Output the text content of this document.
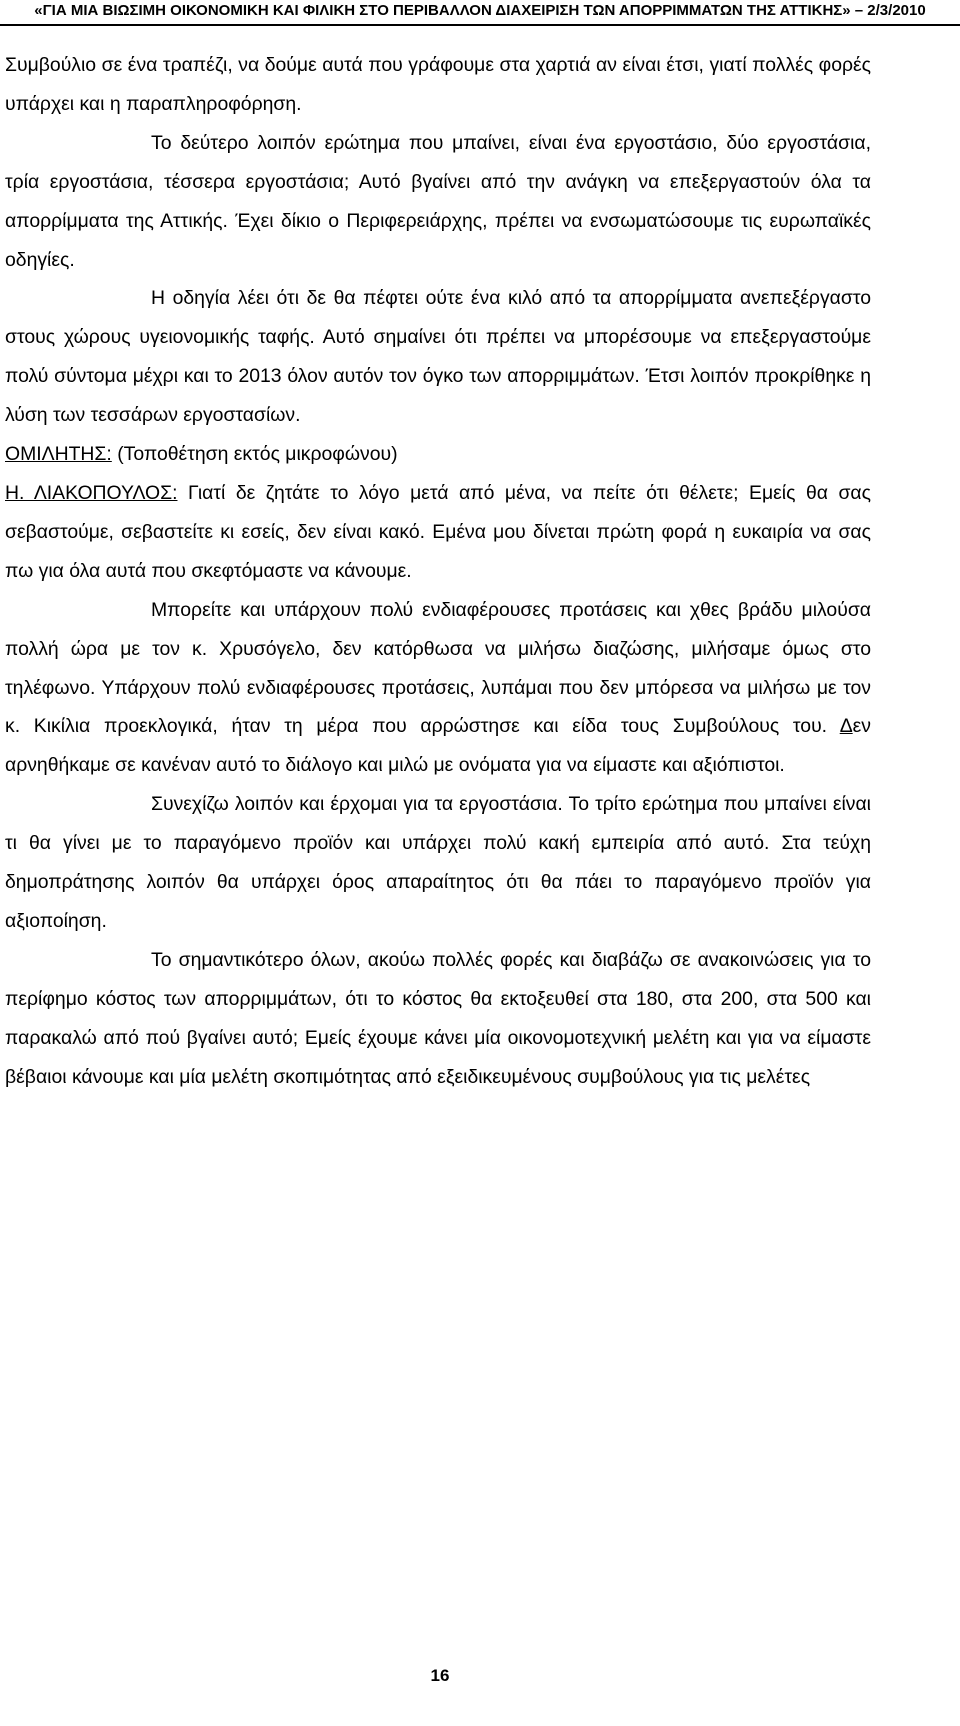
«ΓΙΑ ΜΙΑ ΒΙΩΣΙΜΗ ΟΙΚΟΝΟΜΙΚΗ ΚΑΙ ΦΙΛΙΚΗ ΣΤΟ ΠΕΡΙΒΑΛΛΟΝ ΔΙΑΧΕΙΡΙΣΗ ΤΩΝ ΑΠΟΡΡΙΜΜΑΤΩΝ ΤΗΣ ΑΤΤΙΚΗΣ» – 2/3/2010

Συμβούλιο σε ένα τραπέζι, να δούμε αυτά που γράφουμε στα χαρτιά αν είναι έτσι, γιατί πολλές φορές υπάρχει και η παραπληροφόρηση.

Το δεύτερο λοιπόν ερώτημα που μπαίνει, είναι ένα εργοστάσιο, δύο εργοστάσια, τρία εργοστάσια, τέσσερα εργοστάσια; Αυτό βγαίνει από την ανάγκη να επεξεργαστούν όλα τα απορρίμματα της Αττικής. Έχει δίκιο ο Περιφερειάρχης, πρέπει να ενσωματώσουμε τις ευρωπαϊκές οδηγίες.

Η οδηγία λέει ότι δε θα πέφτει ούτε ένα κιλό από τα απορρίμματα ανεπεξέργαστο στους χώρους υγειονομικής ταφής. Αυτό σημαίνει ότι πρέπει να μπορέσουμε να επεξεργαστούμε πολύ σύντομα μέχρι και το 2013 όλον αυτόν τον όγκο των απορριμμάτων. Έτσι λοιπόν προκρίθηκε η λύση των τεσσάρων εργοστασίων.

ΟΜΙΛΗΤΗΣ: (Τοποθέτηση εκτός μικροφώνου)

Η. ΛΙΑΚΟΠΟΥΛΟΣ: Γιατί δε ζητάτε το λόγο μετά από μένα, να πείτε ότι θέλετε; Εμείς θα σας σεβαστούμε, σεβαστείτε κι εσείς, δεν είναι κακό. Εμένα μου δίνεται πρώτη φορά η ευκαιρία να σας πω για όλα αυτά που σκεφτόμαστε να κάνουμε.

Μπορείτε και υπάρχουν πολύ ενδιαφέρουσες προτάσεις και χθες βράδυ μιλούσα πολλή ώρα με τον κ. Χρυσόγελο, δεν κατόρθωσα να μιλήσω διαζώσης, μιλήσαμε όμως στο τηλέφωνο. Υπάρχουν πολύ ενδιαφέρουσες προτάσεις, λυπάμαι που δεν μπόρεσα να μιλήσω με τον κ. Κικίλια προεκλογικά, ήταν τη μέρα που αρρώστησε και είδα τους Συμβούλους του. Δεν αρνηθήκαμε σε κανέναν αυτό το διάλογο και μιλώ με ονόματα για να είμαστε και αξιόπιστοι.

Συνεχίζω λοιπόν και έρχομαι για τα εργοστάσια. Το τρίτο ερώτημα που μπαίνει είναι τι θα γίνει με το παραγόμενο προϊόν και υπάρχει πολύ κακή εμπειρία από αυτό. Στα τεύχη δημοπράτησης λοιπόν θα υπάρχει όρος απαραίτητος ότι θα πάει το παραγόμενο προϊόν για αξιοποίηση.

Το σημαντικότερο όλων, ακούω πολλές φορές και διαβάζω σε ανακοινώσεις για το περίφημο κόστος των απορριμμάτων, ότι το κόστος θα εκτοξευθεί στα 180, στα 200, στα 500 και παρακαλώ από πού βγαίνει αυτό; Εμείς έχουμε κάνει μία οικονομοτεχνική μελέτη και για να είμαστε βέβαιοι κάνουμε και μία μελέτη σκοπιμότητας από εξειδικευμένους συμβούλους για τις μελέτες

16
